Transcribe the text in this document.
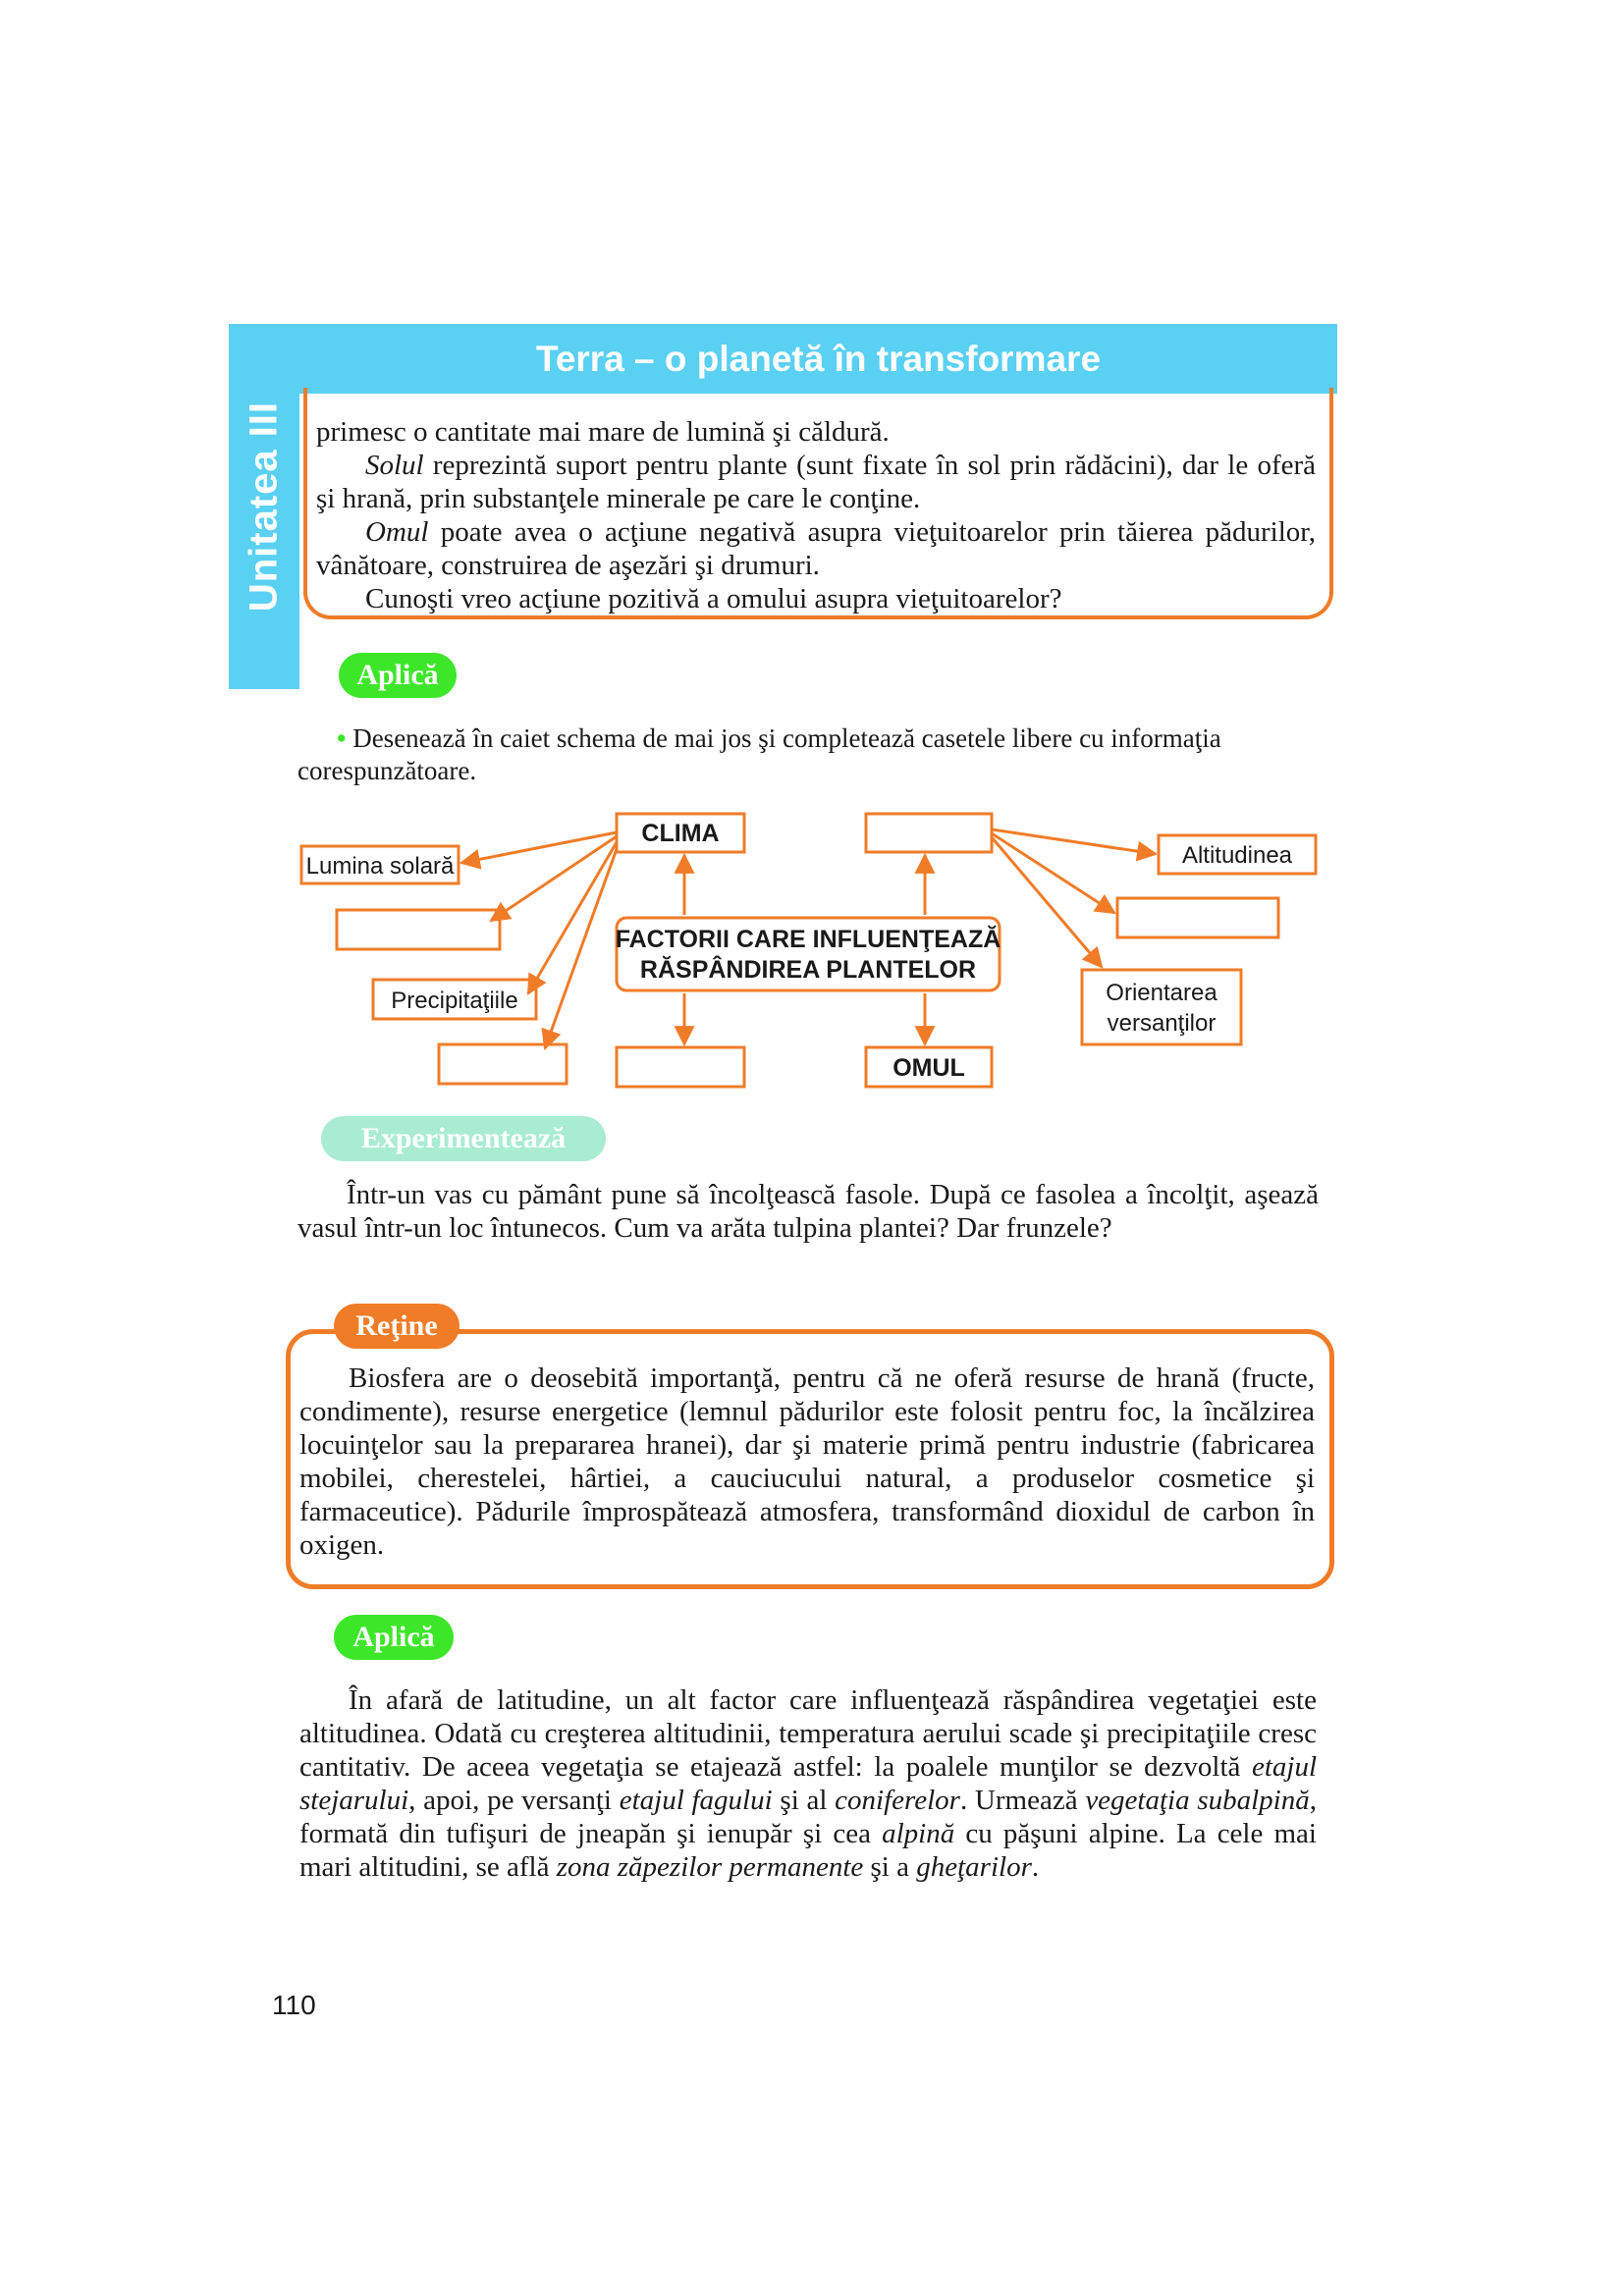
Unitatea III
Terra – o planetă în transformare

primesc o cantitate mai mare de lumină şi căldură.

Solul reprezintă suport pentru plante (sunt fixate în sol prin rădăcini), dar le oferă şi hrană, prin substanţele minerale pe care le conţine.

Omul poate avea o acţiune negativă asupra vieţuitoarelor prin tăierea pădurilor, vânătoare, construirea de aşezări şi drumuri.

Cunoşti vreo acţiune pozitivă a omului asupra vieţuitoarelor?

Aplică

• Desenează în caiet schema de mai jos şi completează casetele libere cu informaţia corespunzătoare.

CLIMA
FACTORII CARE INFLUENŢEAZĂ
RĂSPÂNDIREA PLANTELOR
OMUL
Lumina solară
Precipitaţiile
Altitudinea
Orientarea
versanţilor
Experimentează

Într-un vas cu pământ pune să încolţească fasole. După ce fasolea a încolţit, aşează vasul într-un loc întunecos. Cum va arăta tulpina plantei? Dar frunzele?

Reţine

Biosfera are o deosebită importanţă, pentru că ne oferă resurse de hrană (fructe, condimente), resurse energetice (lemnul pădurilor este folosit pentru foc, la încălzirea locuinţelor sau la prepararea hranei), dar şi materie primă pentru industrie (fabricarea mobilei, cherestelei, hârtiei, a cauciucului natural, a produselor cosmetice şi farmaceutice). Pădurile împrospătează atmosfera, transformând dioxidul de carbon în oxigen.

Aplică

În afară de latitudine, un alt factor care influenţează răspândirea vegetaţiei este altitudinea. Odată cu creşterea altitudinii, temperatura aerului scade şi precipitaţiile cresc cantitativ. De aceea vegetaţia se etajează astfel: la poalele munţilor se dezvoltă etajul stejarului, apoi, pe versanţi etajul fagului şi al coniferelor. Urmează vegetaţia subalpină, formată din tufişuri de jneapăn şi ienupăr şi cea alpină cu păşuni alpine. La cele mai mari altitudini, se află zona zăpezilor permanente şi a gheţarilor.

110
